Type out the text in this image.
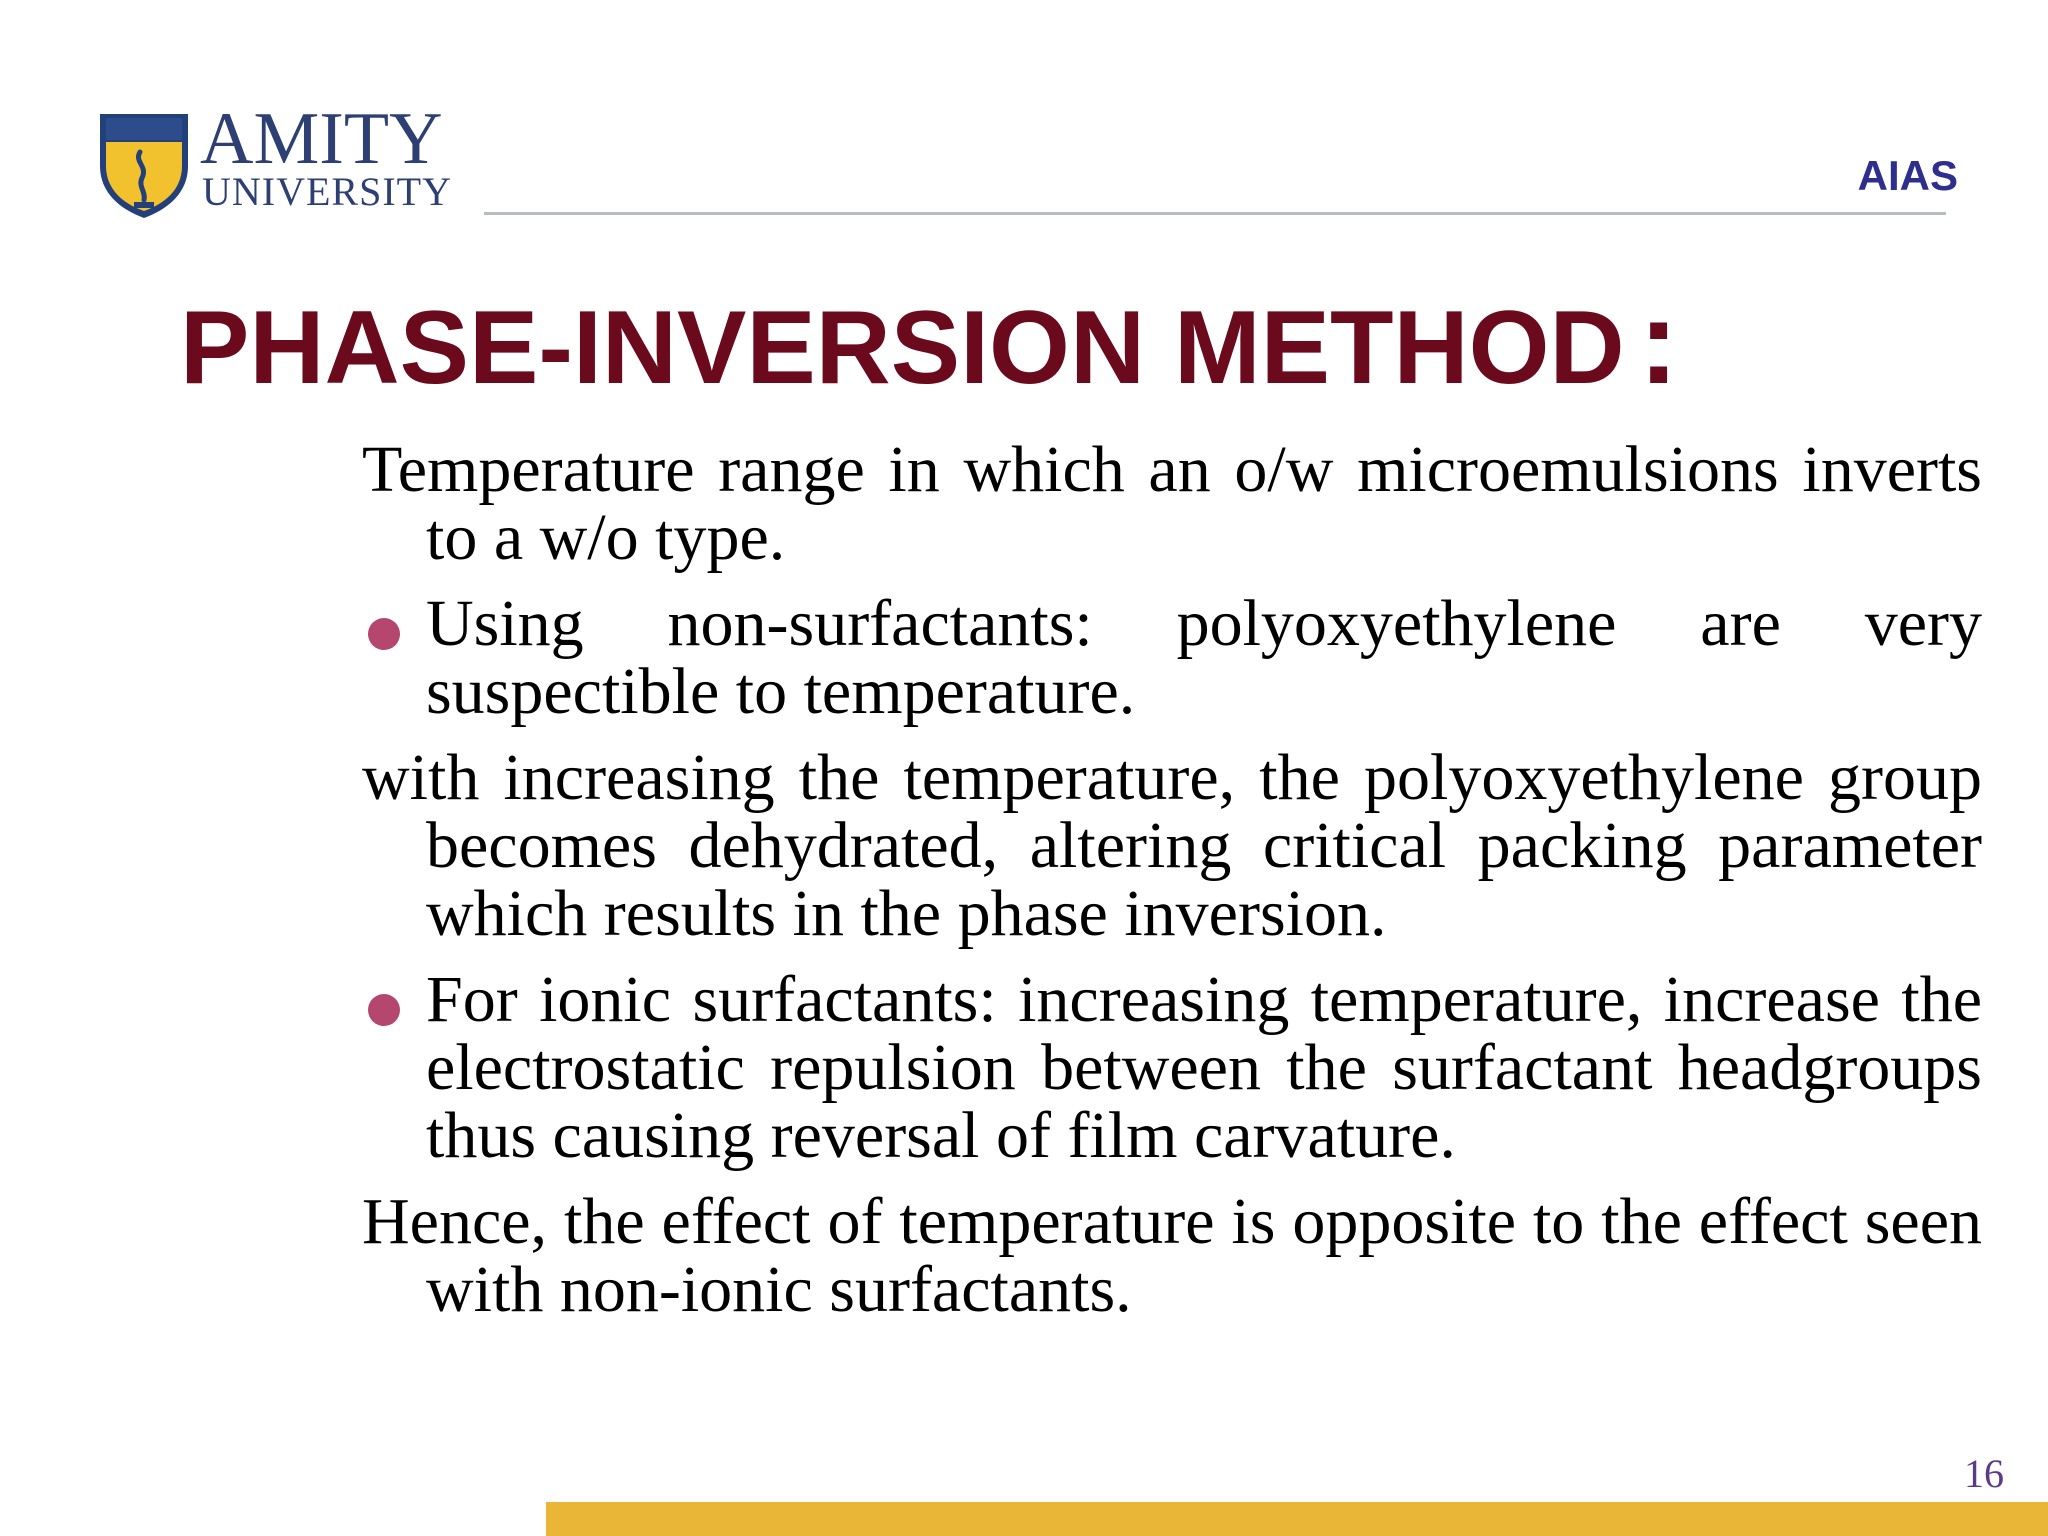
AMITY
UNIVERSITY	AIAS
PHASE-INVERSION METHOD :

Temperature range in which an o/w microemulsions inverts to a w/o type.

Using non-surfactants: polyoxyethylene are very suspectible to temperature.

with increasing the temperature, the polyoxyethylene group becomes dehydrated, altering critical packing parameter which results in the phase inversion.

For ionic surfactants: increasing temperature, increase the electrostatic repulsion between the surfactant headgroups thus causing reversal of film carvature.

Hence, the effect of temperature is opposite to the effect seen with non-ionic surfactants.

16
